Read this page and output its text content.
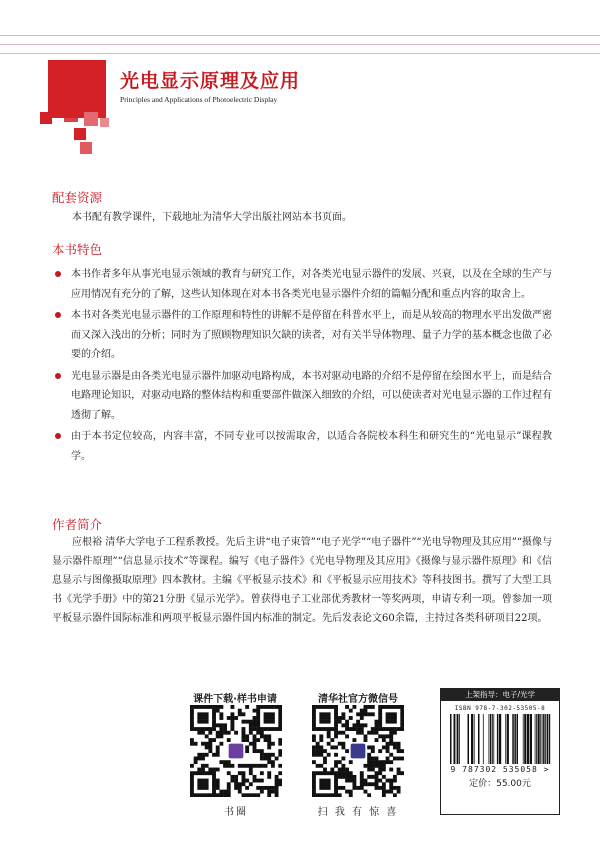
光电显示原理及应用
Principles and Applications of Photoelectric Display
配套资源
本书配有教学课件，下载地址为清华大学出版社网站本书页面。
本书特色
本书作者多年从事光电显示领域的教育与研究工作，对各类光电显示器件的发展、兴衰，以及在全球的生产与应用情况有充分的了解，这些认知体现在对本书各类光电显示器件介绍的篇幅分配和重点内容的取舍上。
本书对各类光电显示器件的工作原理和特性的讲解不是停留在科普水平上，而是从较高的物理水平出发做严密而又深入浅出的分析；同时为了照顾物理知识欠缺的读者，对有关半导体物理、量子力学的基本概念也做了必要的介绍。
光电显示器是由各类光电显示器件加驱动电路构成，本书对驱动电路的介绍不是停留在绘图水平上，而是结合电路理论知识，对驱动电路的整体结构和重要部件做深入细致的介绍，可以使读者对光电显示器的工作过程有透彻了解。
由于本书定位较高，内容丰富，不同专业可以按需取舍，以适合各院校本科生和研究生的“光电显示”课程教学。
作者简介
应根裕 清华大学电子工程系教授。先后主讲“电子束管”“电子光学”“电子器件”“光电导物理及其应用”“摄像与显示器件原理”“信息显示技术”等课程。编写《电子器件》《光电导物理及其应用》《摄像与显示器件原理》和《信息显示与图像摄取原理》四本教材。主编《平板显示技术》和《平板显示应用技术》等科技图书。撰写了大型工具书《光学手册》中的第21分册《显示光学》。曾获得电子工业部优秀教材一等奖两项，申请专利一项。曾参加一项平板显示器件国际标准和两项平板显示器件国内标准的制定。先后发表论文60余篇，主持过各类科研项目22项。
课件下载·样书申请
书圈
清华社官方微信号
扫 我 有 惊 喜
上架指导：电子/光学
ISBN 978-7-302-53505-8
9 787302 535058 >
定价：55.00元
